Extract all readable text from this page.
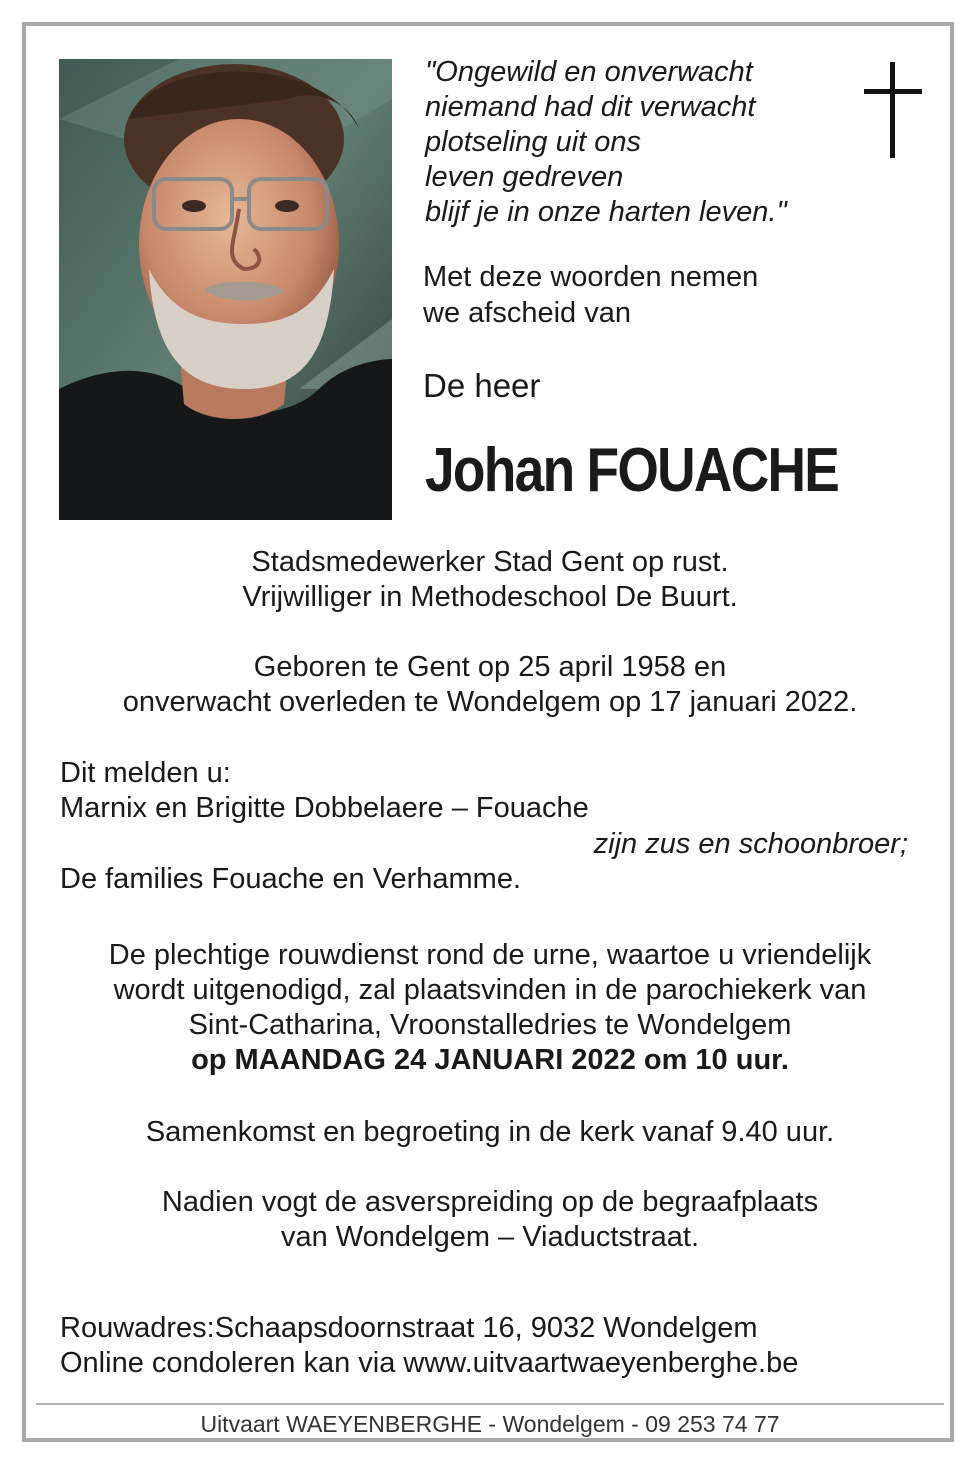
"Ongewild en onverwacht
niemand had dit verwacht
plotseling uit ons
leven gedreven
blijf je in onze harten leven."
Met deze woorden nemen
we afscheid van
De heer
Johan FOUACHE
Stadsmedewerker Stad Gent op rust.
Vrijwilliger in Methodeschool De Buurt.
Geboren te Gent op 25 april 1958 en
onverwacht overleden te Wondelgem op 17 januari 2022.
Dit melden u:
Marnix en Brigitte Dobbelaere – Fouache
zijn zus en schoonbroer;
De families Fouache en Verhamme.
De plechtige rouwdienst rond de urne, waartoe u vriendelijk
wordt uitgenodigd, zal plaatsvinden in de parochiekerk van
Sint-Catharina, Vroonstalledries te Wondelgem
op MAANDAG 24 JANUARI 2022 om 10 uur.
Samenkomst en begroeting in de kerk vanaf 9.40 uur.
Nadien vogt de asverspreiding op de begraafplaats
van Wondelgem – Viaductstraat.
Rouwadres:Schaapsdoornstraat 16, 9032 Wondelgem
Online condoleren kan via www.uitvaartwaeyenberghe.be
Uitvaart WAEYENBERGHE - Wondelgem - 09 253 74 77
